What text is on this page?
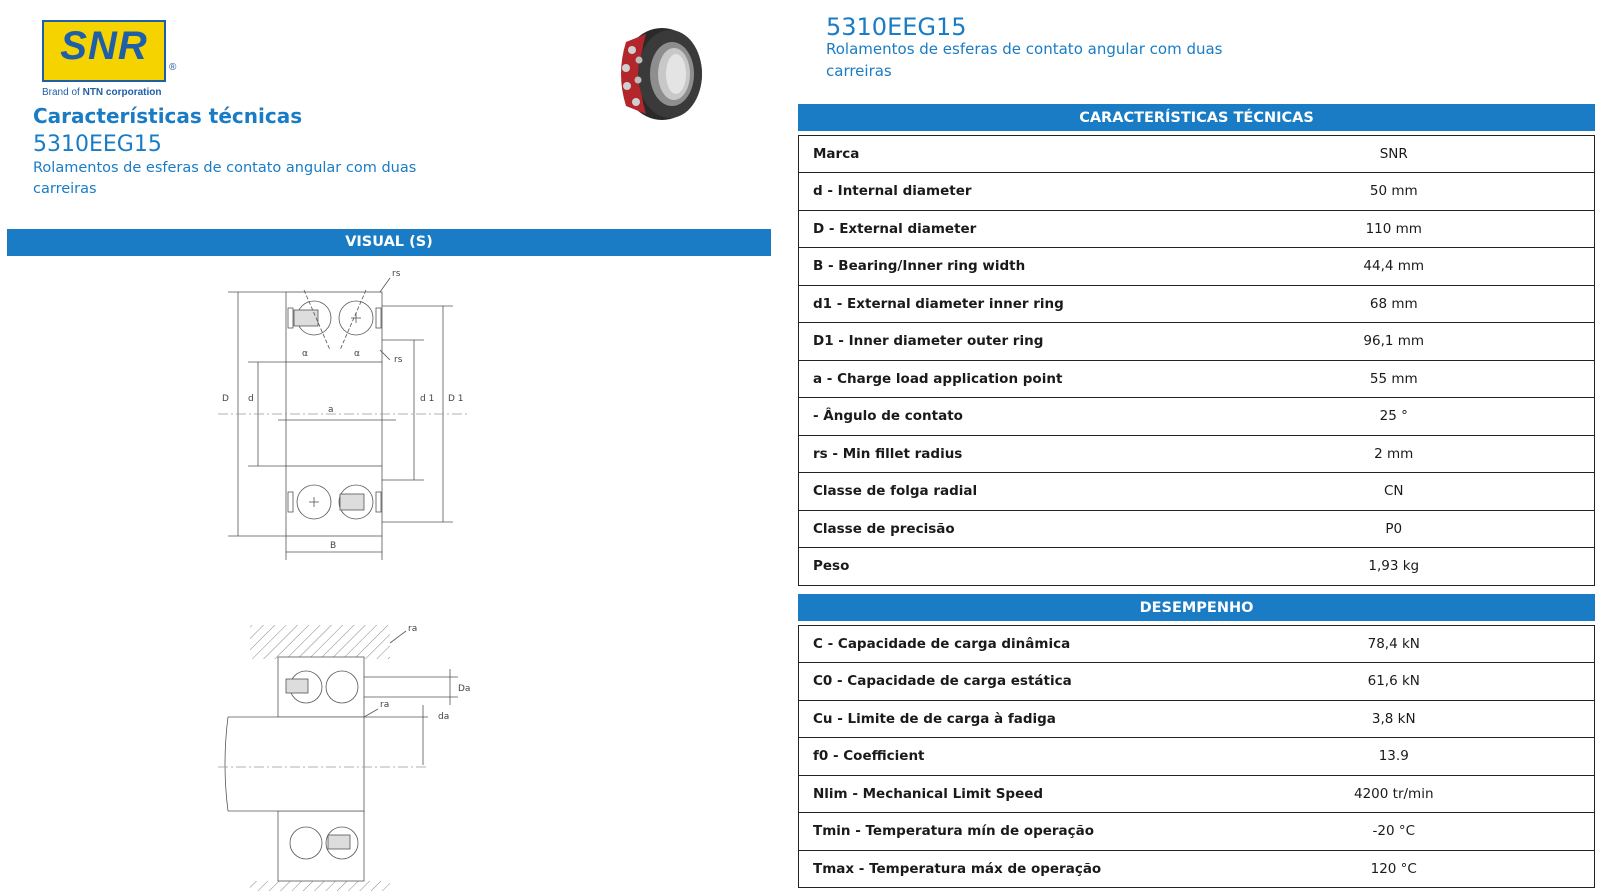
SNR	®
Brand of NTN corporation
Características técnicas
5310EEG15
Rolamentos de esferas de contato angular com duas carreiras
VISUAL (S)
rs
rs
α	α
D d
a
d 1 D 1
B
ra
ra
Da
da
5310EEG15
Rolamentos de esferas de contato angular com duas carreiras
CARACTERÍSTICAS TÉCNICAS	

Marca	SNR
d - Internal diameter	50 mm
D - External diameter	110 mm
B - Bearing/Inner ring width	44,4 mm
d1 - External diameter inner ring	68 mm
D1 - Inner diameter outer ring	96,1 mm
a - Charge load application point	55 mm
- Ângulo de contato	25 °
rs - Min fillet radius	2 mm
Classe de folga radial	CN
Classe de precisão	P0
Peso	1,93 kg
DESEMPENHO	

C - Capacidade de carga dinâmica	78,4 kN
C0 - Capacidade de carga estática	61,6 kN
Cu - Limite de de carga à fadiga	3,8 kN
f0 - Coefficient	13.9
Nlim - Mechanical Limit Speed	4200 tr/min
Tmin - Temperatura mín de operação	-20 °C
Tmax - Temperatura máx de operação	120 °C
